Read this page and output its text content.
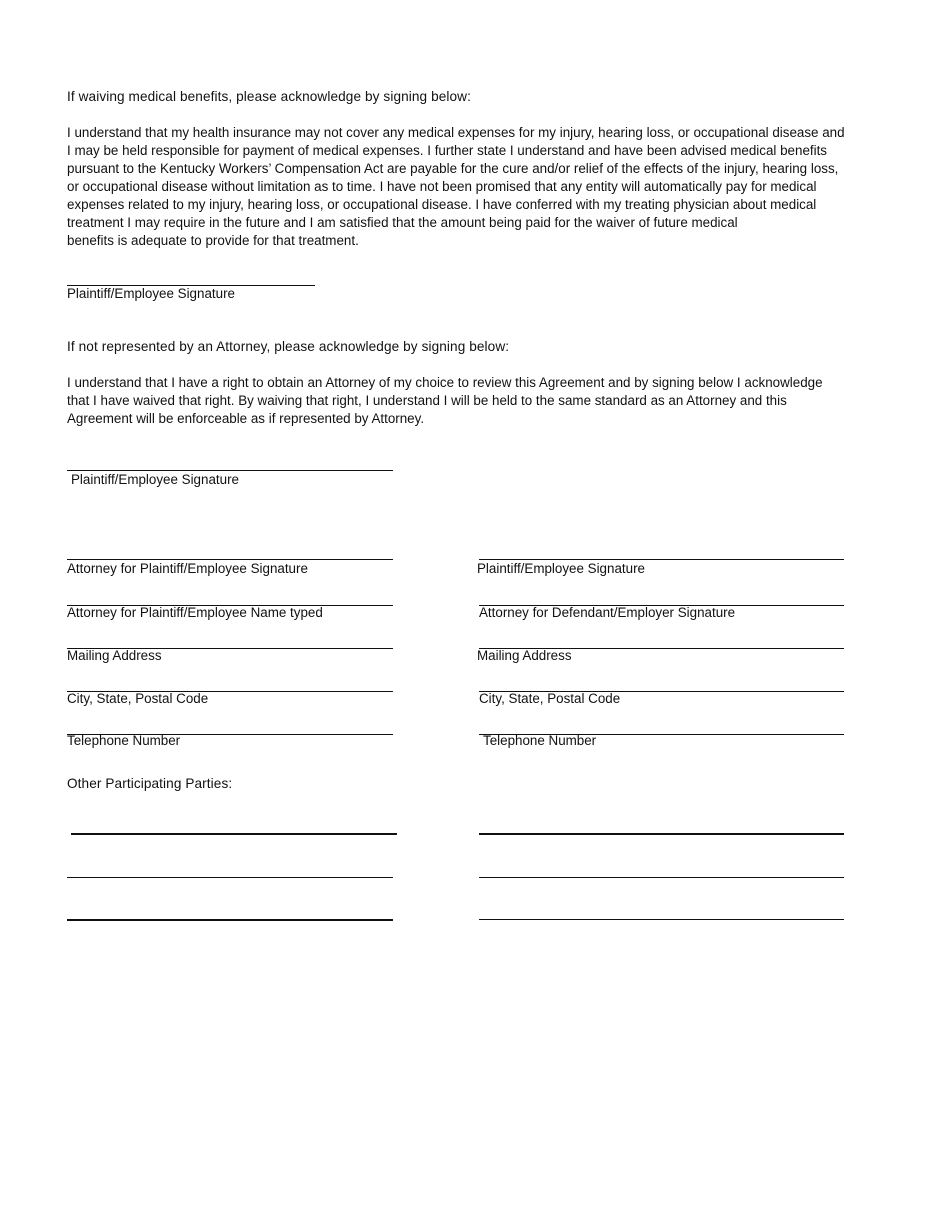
If waiving medical benefits, please acknowledge by signing below:
I understand that my health insurance may not cover any medical expenses for my injury, hearing loss, or occupational disease and
I may be held responsible for payment of medical expenses. I further state I understand and have been advised medical benefits
pursuant to the Kentucky Workers’ Compensation Act are payable for the cure and/or relief of the effects of the injury, hearing loss,
or occupational disease without limitation as to time. I have not been promised that any entity will automatically pay for medical
expenses related to my injury, hearing loss, or occupational disease. I have conferred with my treating physician about medical
treatment I may require in the future and I am satisfied that the amount being paid for the waiver of future medical
benefits is adequate to provide for that treatment.
Plaintiff/Employee Signature
If not represented by an Attorney, please acknowledge by signing below:
I understand that I have a right to obtain an Attorney of my choice to review this Agreement and by signing below I acknowledge
that I have waived that right. By waiving that right, I understand I will be held to the same standard as an Attorney and this
Agreement will be enforceable as if represented by Attorney.
Plaintiff/Employee Signature
Attorney for Plaintiff/Employee Signature
Attorney for Plaintiff/Employee Name typed
Mailing Address
City, State, Postal Code
Telephone Number
Plaintiff/Employee Signature
Attorney for Defendant/Employer Signature
Mailing Address
City, State, Postal Code
Telephone Number
Other Participating Parties:
